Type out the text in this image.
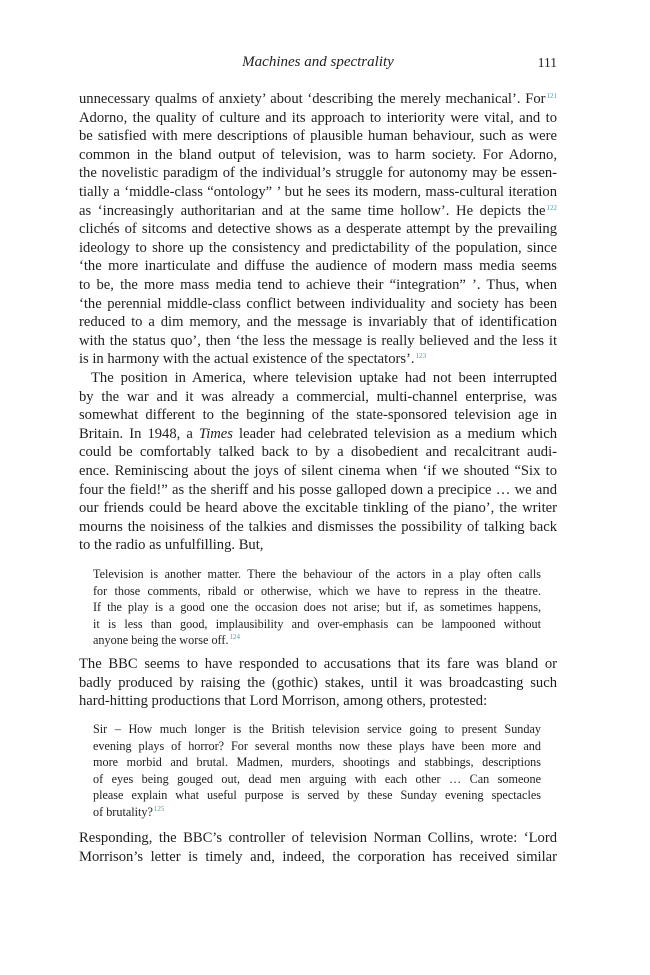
Machines and spectrality	111
unnecessary qualms of anxiety’ about ‘describing the merely mechanical’. For$^{121}$
Adorno, the quality of culture and its approach to interiority were vital, and to
be satisfied with mere descriptions of plausible human behaviour, such as were
common in the bland output of television, was to harm society. For Adorno,
the novelistic paradigm of the individual’s struggle for autonomy may be essen-
tially a ‘middle-class “ontology” ’ but he sees its modern, mass-cultural iteration
as ‘increasingly authoritarian and at the same time hollow’. He depicts the$^{122}$
clichés of sitcoms and detective shows as a desperate attempt by the prevailing
ideology to shore up the consistency and predictability of the population, since
‘the more inarticulate and diffuse the audience of modern mass media seems
to be, the more mass media tend to achieve their “integration” ’. Thus, when
‘the perennial middle-class conflict between individuality and society has been
reduced to a dim memory, and the message is invariably that of identification
with the status quo’, then ‘the less the message is really believed and the less it
is in harmony with the actual existence of the spectators’.$^{123}$
The position in America, where television uptake had not been interrupted
by the war and it was already a commercial, multi-channel enterprise, was
somewhat different to the beginning of the state-sponsored television age in
Britain. In 1948, a Times leader had celebrated television as a medium which
could be comfortably talked back to by a disobedient and recalcitrant audi-
ence. Reminiscing about the joys of silent cinema when ‘if we shouted “Six to
four the field!” as the sheriff and his posse galloped down a precipice … we and
our friends could be heard above the excitable tinkling of the piano’, the writer
mourns the noisiness of the talkies and dismisses the possibility of talking back
to the radio as unfulfilling. But,
Television is another matter. There the behaviour of the actors in a play often calls
for those comments, ribald or otherwise, which we have to repress in the theatre.
If the play is a good one the occasion does not arise; but if, as sometimes happens,
it is less than good, implausibility and over-emphasis can be lampooned without
anyone being the worse off.$^{124}$
The BBC seems to have responded to accusations that its fare was bland or
badly produced by raising the (gothic) stakes, until it was broadcasting such
hard-hitting productions that Lord Morrison, among others, protested:
Sir – How much longer is the British television service going to present Sunday
evening plays of horror? For several months now these plays have been more and
more morbid and brutal. Madmen, murders, shootings and stabbings, descriptions
of eyes being gouged out, dead men arguing with each other … Can someone
please explain what useful purpose is served by these Sunday evening spectacles
of brutality?$^{125}$
Responding, the BBC’s controller of television Norman Collins, wrote: ‘Lord
Morrison’s letter is timely and, indeed, the corporation has received similar
